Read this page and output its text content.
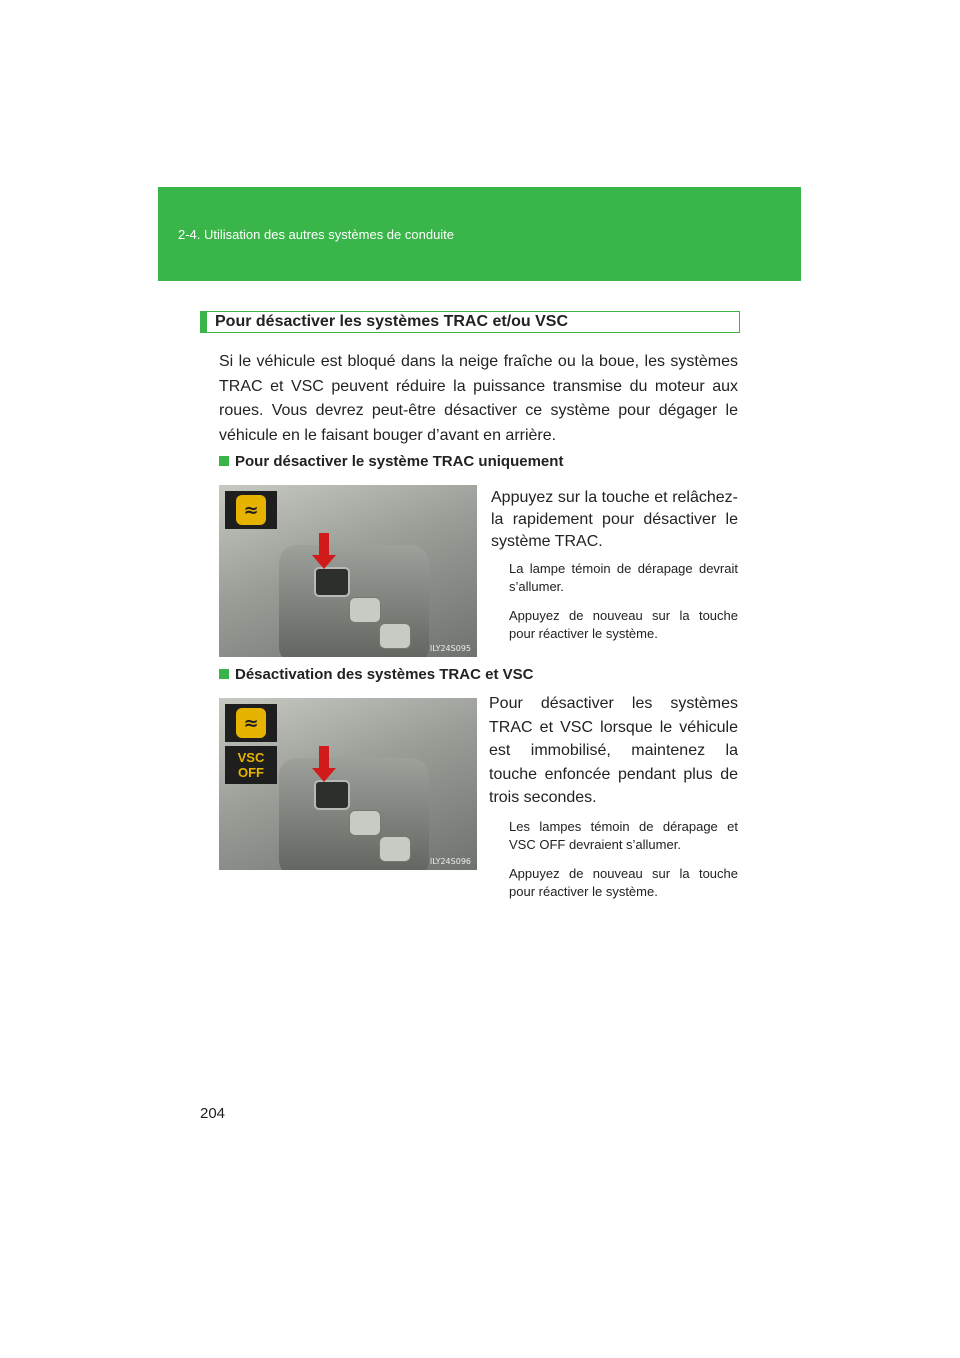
2-4. Utilisation des autres systèmes de conduite
Pour désactiver les systèmes TRAC et/ou VSC
Si le véhicule est bloqué dans la neige fraîche ou la boue, les systèmes TRAC et VSC peuvent réduire la puissance transmise du moteur aux roues. Vous devrez peut-être désactiver ce système pour dégager le véhicule en le faisant bouger d’avant en arrière.
Pour désactiver le système TRAC uniquement
≈
ILY24S095
Appuyez sur la touche et relâchez-la rapidement pour désactiver le système TRAC.
La lampe témoin de dérapage devrait s’allumer.
Appuyez de nouveau sur la touche pour réactiver le système.
Désactivation des systèmes TRAC et VSC
≈
VSC
OFF
ILY24S096
Pour désactiver les systèmes TRAC et VSC lorsque le véhicule est immobilisé, maintenez la touche enfoncée pendant plus de trois secondes.
Les lampes témoin de dérapage et VSC OFF devraient s’allumer.
Appuyez de nouveau sur la touche pour réactiver le système.
204
